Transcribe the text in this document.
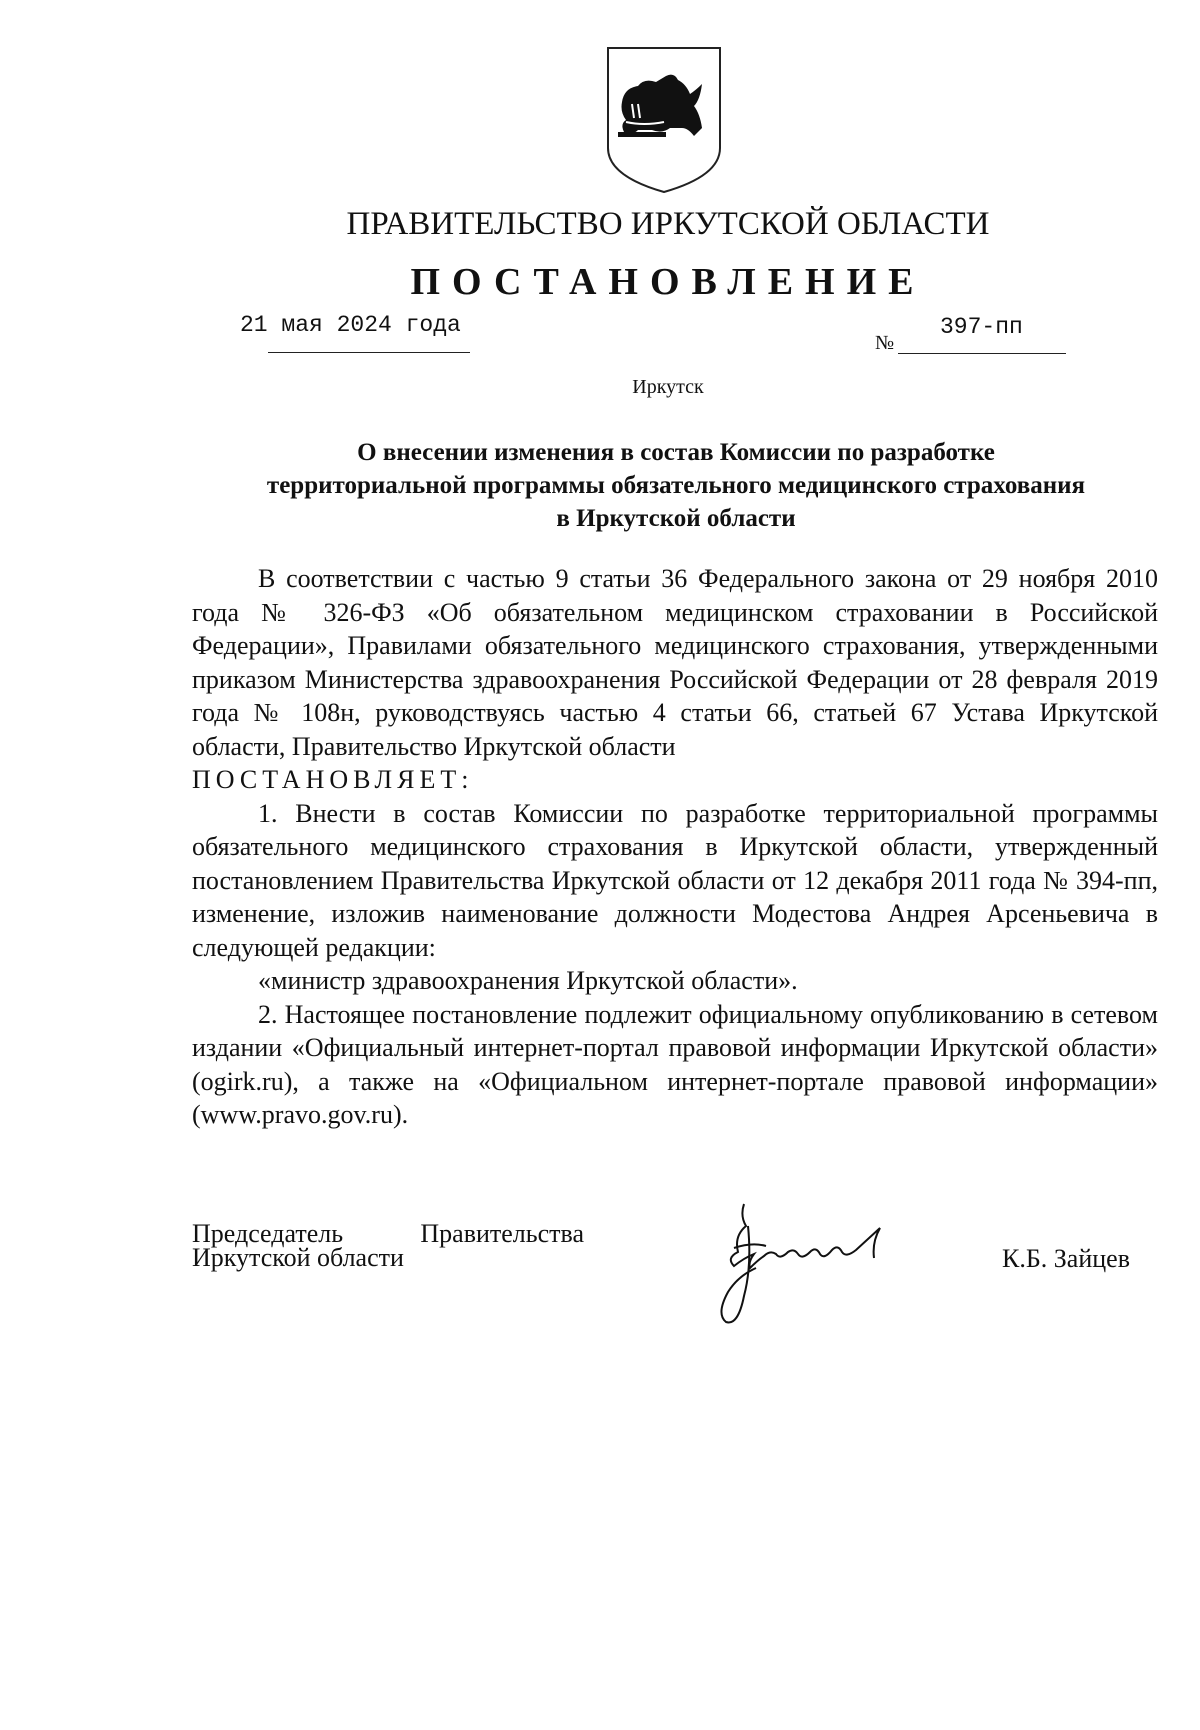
ПРАВИТЕЛЬСТВО ИРКУТСКОЙ ОБЛАСТИ
ПОСТАНОВЛЕНИЕ
21 мая 2024 года
№
397-пп
Иркутск
О внесении изменения в состав Комиссии по разработке территориальной программы обязательного медицинского страхования в Иркутской области

В соответствии с частью 9 статьи 36 Федерального закона от 29 ноября 2010 года № 326-ФЗ «Об обязательном медицинском страховании в Российской Федерации», Правилами обязательного медицинского страхования, утвержденными приказом Министерства здравоохранения Российской Федерации от 28 февраля 2019 года № 108н, руководствуясь частью 4 статьи 66, статьей 67 Устава Иркутской области, Правительство Иркутской области

ПОСТАНОВЛЯЕТ:

1. Внести в состав Комиссии по разработке территориальной программы обязательного медицинского страхования в Иркутской области, утвержденный постановлением Правительства Иркутской области от 12 декабря 2011 года № 394-пп, изменение, изложив наименование должности Модестова Андрея Арсеньевича в следующей редакции:

«министр здравоохранения Иркутской области».

2. Настоящее постановление подлежит официальному опубликованию в сетевом издании «Официальный интернет-портал правовой информации Иркутской области» (ogirk.ru), а также на «Официальном интернет-портале правовой информации» (www.pravo.gov.ru).

Председатель	Правительства
Иркутской области	К.Б. Зайцев
